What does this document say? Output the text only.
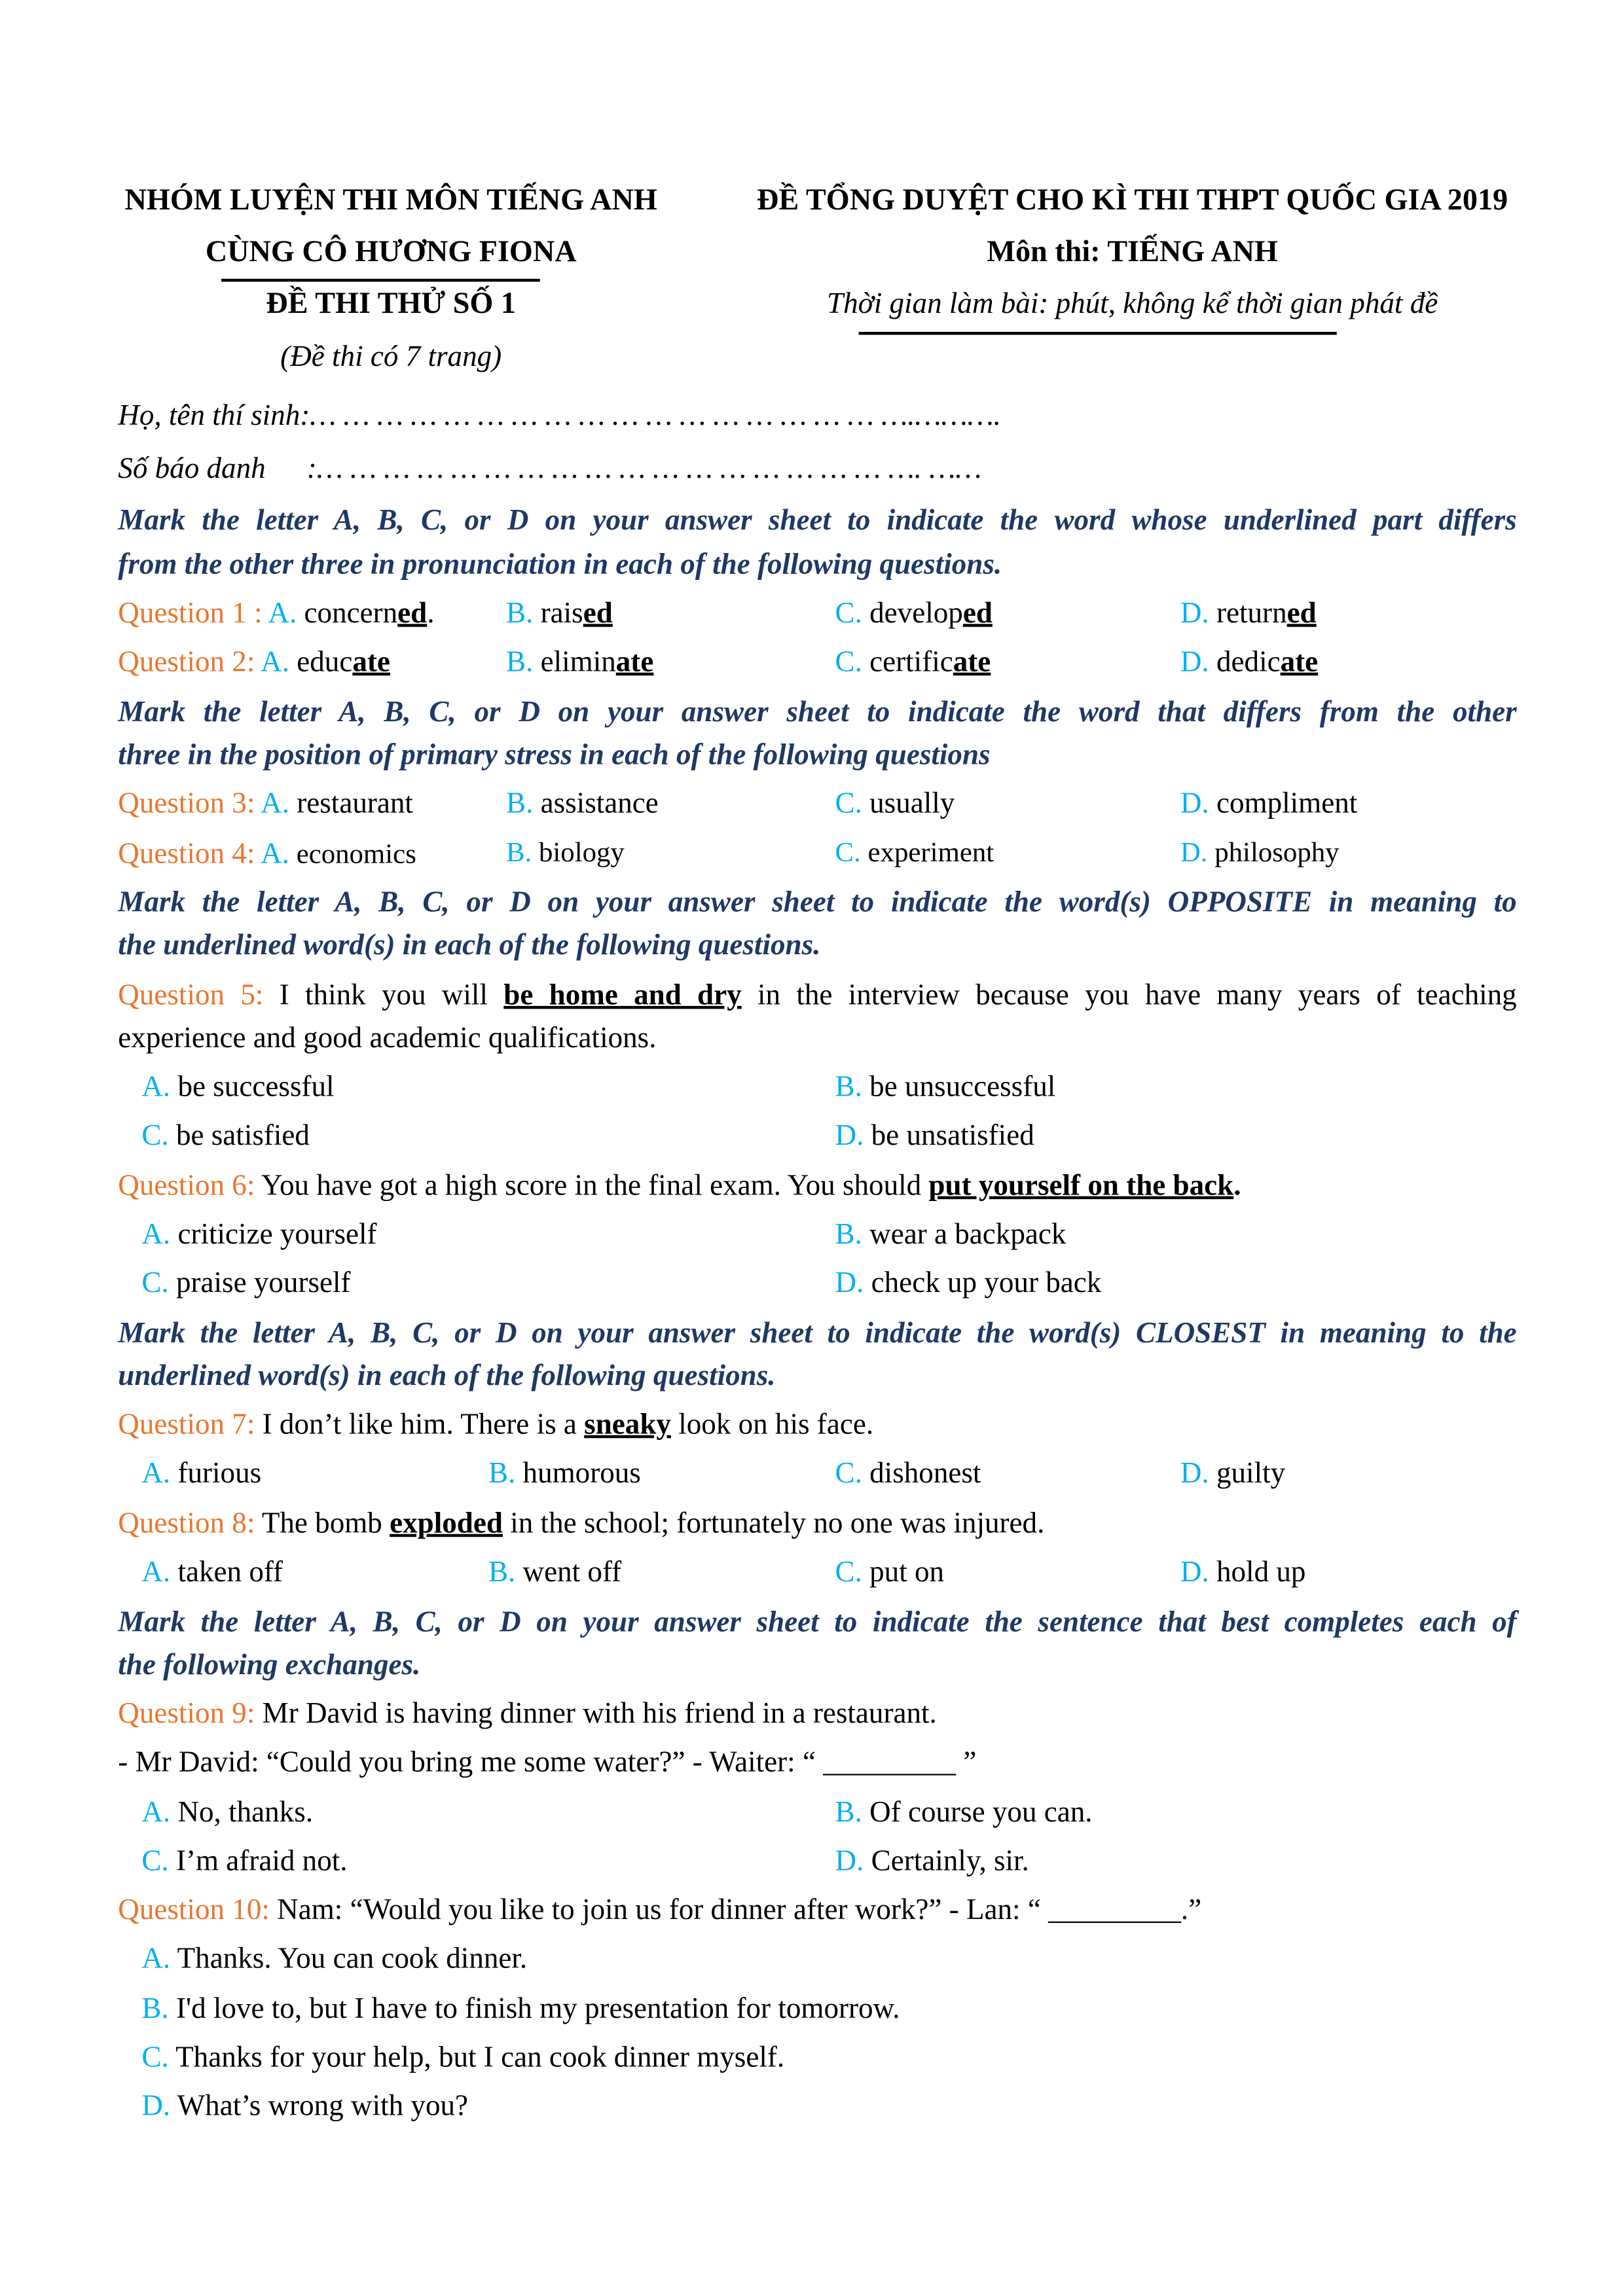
NHÓM LUYỆN THI MÔN TIẾNG ANH
CÙNG CÔ HƯƠNG FIONA
ĐỀ THI THỬ SỐ 1
(Đề thi có 7 trang)
ĐỀ TỔNG DUYỆT CHO KÌ THI THPT QUỐC GIA 2019
Môn thi: TIẾNG ANH
Thời gian làm bài: phút, không kể thời gian phát đề
Họ, tên thí sinh:… … … … … … … … … … … … … … … … … ….……….
Số báo danh	:… … … … … … … … … … … … … … … … … …. ……
Mark the letter A, B, C, or D on your answer sheet to indicate the word whose underlined part differs
from the other three in pronunciation in each of the following questions.
Question 1 : A. concerned.	B. raised	C. developed	D. returned
Question 2: A. educate	B. eliminate	C. certificate	D. dedicate
Mark the letter A, B, C, or D on your answer sheet to indicate the word that differs from the other
three in the position of primary stress in each of the following questions
Question 3: A. restaurant	B. assistance	C. usually	D. compliment
Question 4: A. economics	B. biology	C. experiment	D. philosophy
Mark the letter A, B, C, or D on your answer sheet to indicate the word(s) OPPOSITE in meaning to
the underlined word(s) in each of the following questions.
Question 5: I think you will be home and dry in the interview because you have many years of teaching
experience and good academic qualifications.
A. be successful	B. be unsuccessful
C. be satisfied	D. be unsatisfied
Question 6: You have got a high score in the final exam. You should put yourself on the back.
A. criticize yourself	B. wear a backpack
C. praise yourself	D. check up your back
Mark the letter A, B, C, or D on your answer sheet to indicate the word(s) CLOSEST in meaning to the
underlined word(s) in each of the following questions.
Question 7: I don’t like him. There is a sneaky look on his face.
A. furious	B. humorous	C. dishonest	D. guilty
Question 8: The bomb exploded in the school; fortunately no one was injured.
A. taken off	B. went off	C. put on	D. hold up
Mark the letter A, B, C, or D on your answer sheet to indicate the sentence that best completes each of
the following exchanges.
Question 9: Mr David is having dinner with his friend in a restaurant.
- Mr David: “Could you bring me some water?” - Waiter: “ _________ ”
A. No, thanks.	B. Of course you can.
C. I’m afraid not.	D. Certainly, sir.
Question 10: Nam: “Would you like to join us for dinner after work?” - Lan: “ _________.”
A. Thanks. You can cook dinner.
B. I'd love to, but I have to finish my presentation for tomorrow.
C. Thanks for your help, but I can cook dinner myself.
D. What’s wrong with you?
